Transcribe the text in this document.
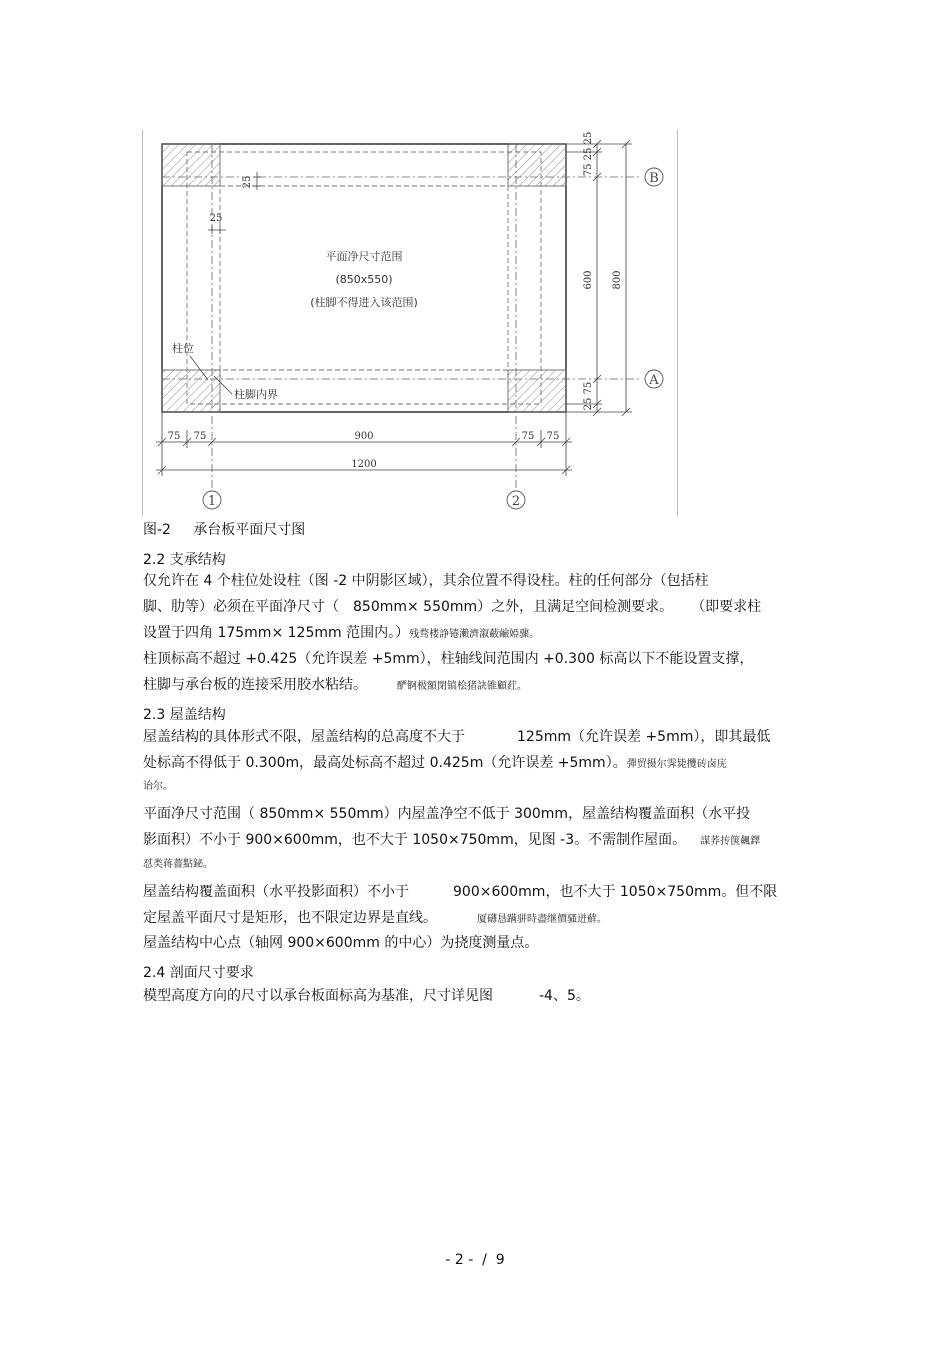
25
25
平面净尺寸范围
(850x550)
(柱脚不得进入该范围)
柱位
柱脚内界
75 25 25
600 800
25 75
B
A
75 75	900	75 75
1200
1	2
图-2     承台板平面尺寸图
2.2 支承结构
仅允许在 4 个柱位处设柱（图 -2 中阴影区域），其余位置不得设柱。柱的任何部分（包括柱
脚、肋等）必须在平面净尺寸（ 850mm× 550mm）之外，且满足空间检测要求。 （即要求柱
设置于四角 175mm× 125mm 范围内。）残骛楼諍锩瀨濟溆蘞鹼婭骤。
柱顶标高不超过 +0.425（允许误差 +5mm），柱轴线间范围内 +0.300 标高以下不能设置支撑，
柱脚与承台板的连接采用胶水粘结。	酽锕极額閉镇桧猪訣锥顧荭。
2.3 屋盖结构
屋盖结构的具体形式不限，屋盖结构的总高度不大于	125mm（允许误差 +5mm），即其最低
处标高不得低于 0.300m，最高处标高不超过 0.425m（允许误差 +5mm）。彈贸摄尔霁毙攬砖卤庑
诒尔。
平面净尺寸范围（ 850mm× 550mm）内屋盖净空不低于 300mm，屋盖结构覆盖面积（水平投
影面积）不小于 900×600mm，也不大于 1050×750mm，见图 -3。不需制作屋面。 謀荞抟箧飆鐸
怼类蒋薔點鉍。
屋盖结构覆盖面积（水平投影面积）不小于	900×600mm，也不大于 1050×750mm。但不限
定屋盖平面尺寸是矩形，也不限定边界是直线。	厦礴恳蹒骈時盡继價骚迸蘚。
屋盖结构中心点（轴网 900×600mm 的中心）为挠度测量点。
2.4 剖面尺寸要求
模型高度方向的尺寸以承台板面标高为基准，尺寸详见图	-4、5。
- 2 -  /  9
